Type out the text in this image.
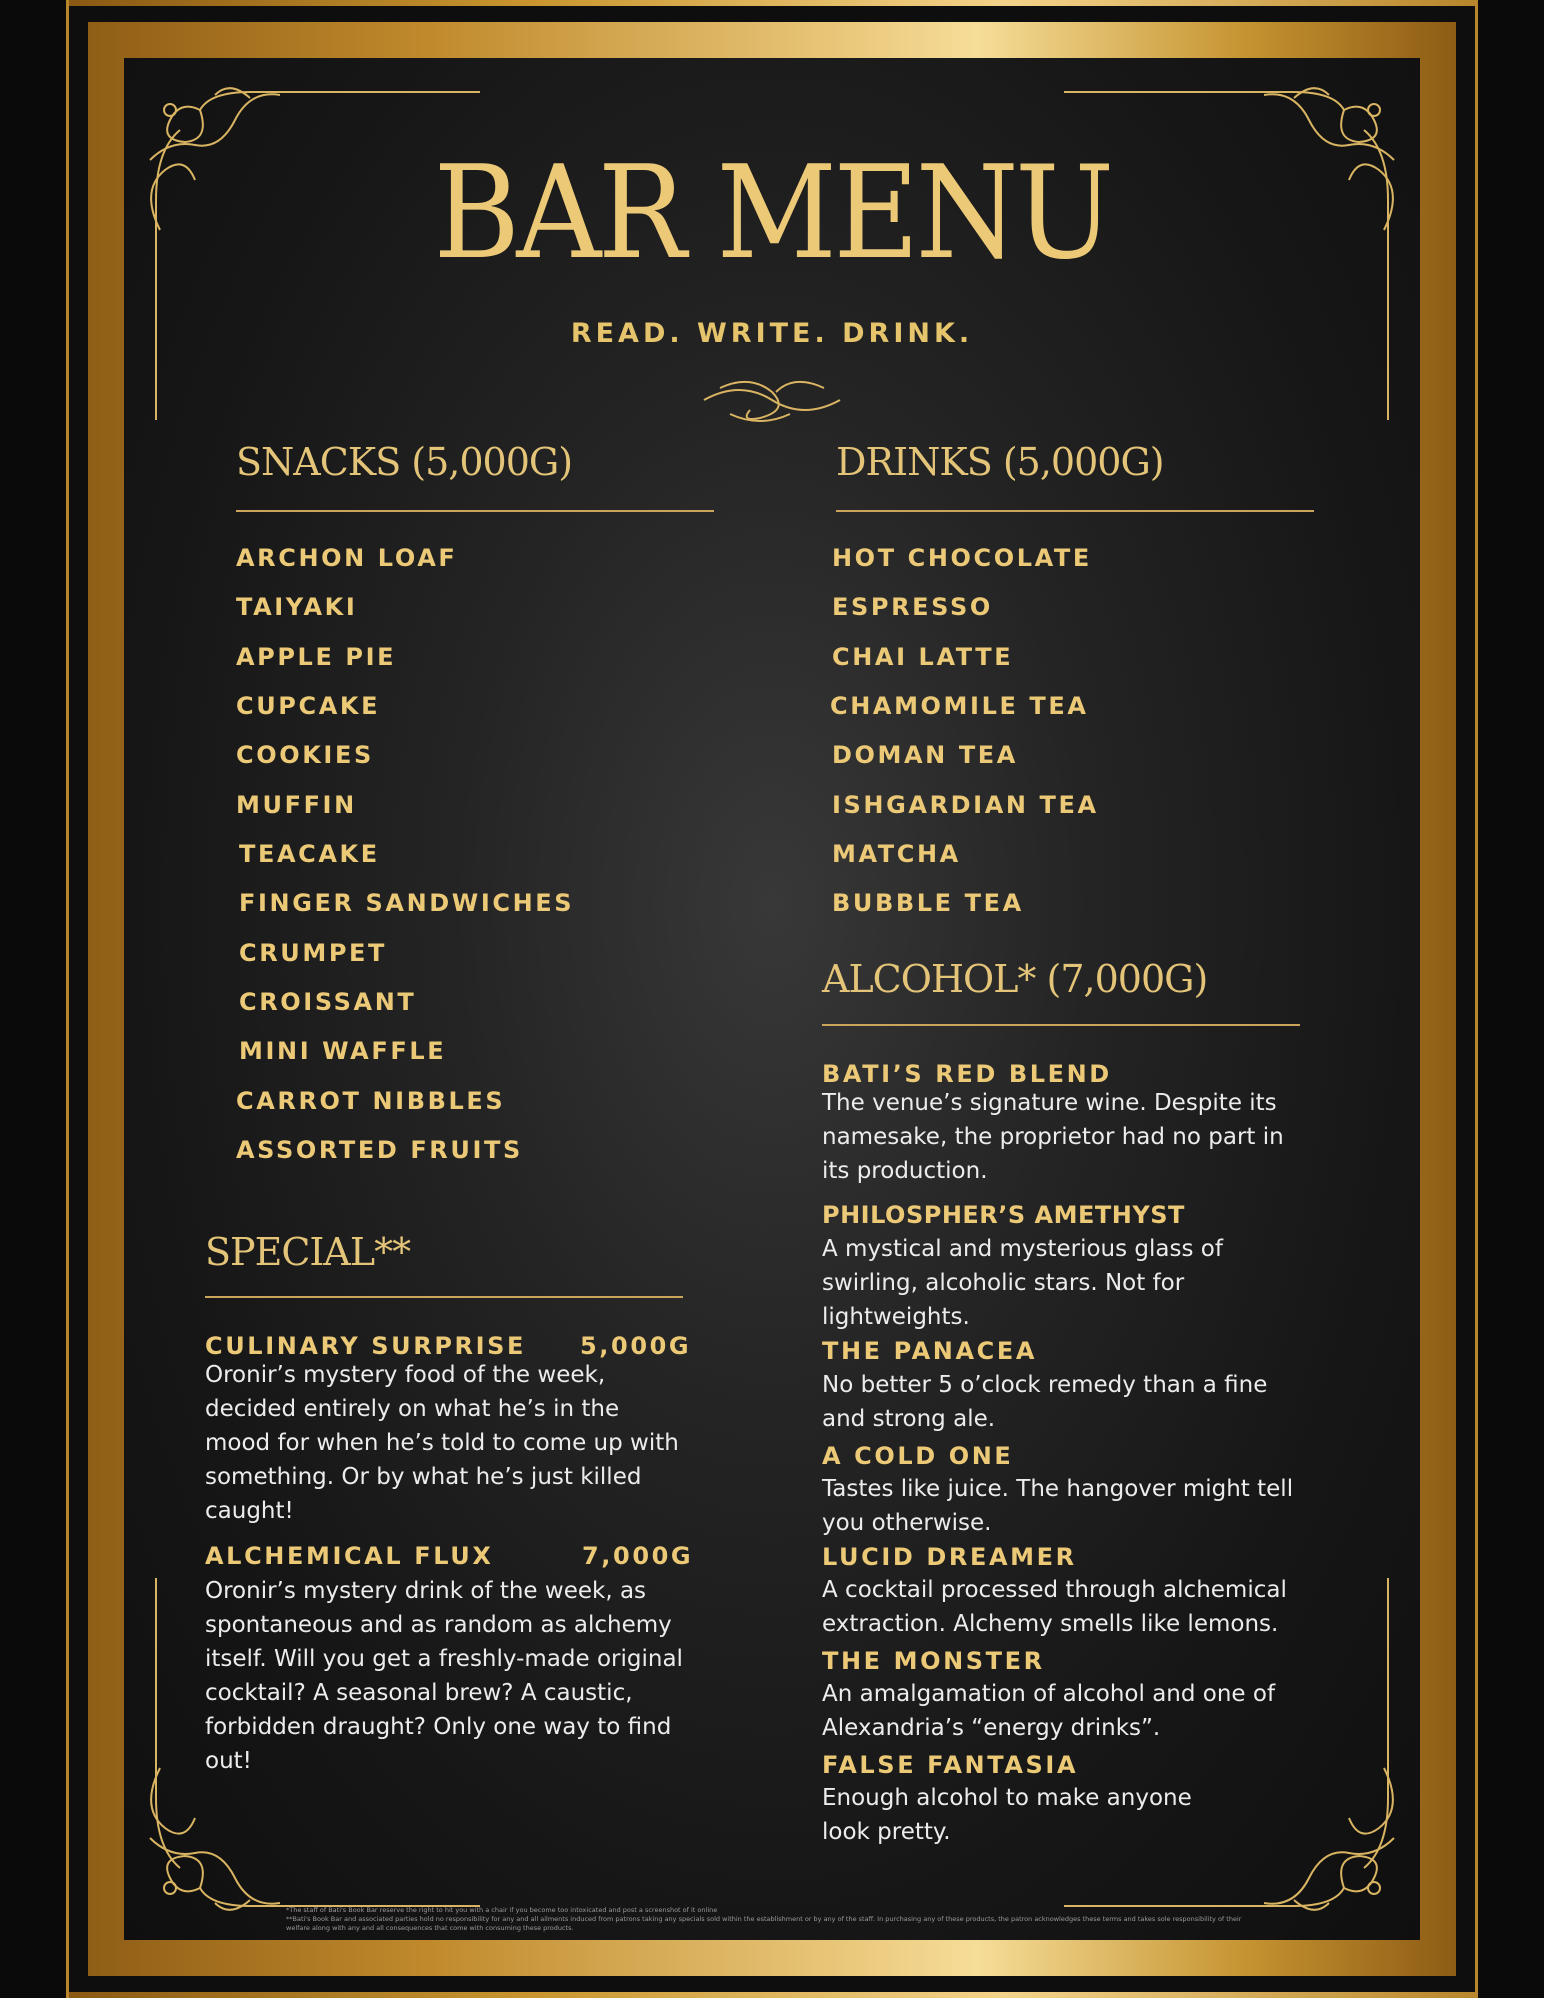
BAR MENU
READ. WRITE. DRINK.
SNACKS (5,000G)
ARCHON LOAF
TAIYAKI
APPLE PIE
CUPCAKE
COOKIES
MUFFIN
TEACAKE
FINGER SANDWICHES
CRUMPET
CROISSANT
MINI WAFFLE
CARROT NIBBLES
ASSORTED FRUITS
DRINKS (5,000G)
HOT CHOCOLATE
ESPRESSO
CHAI LATTE
CHAMOMILE TEA
DOMAN TEA
ISHGARDIAN TEA
MATCHA
BUBBLE TEA
ALCOHOL* (7,000G)
BATI’S RED BLEND
The venue’s signature wine. Despite its namesake, the proprietor had no part in its production.
PHILOSPHER’S AMETHYST
A mystical and mysterious glass of swirling, alcoholic stars. Not for lightweights.
THE PANACEA
No better 5 o’clock remedy than a fine and strong ale.
A COLD ONE
Tastes like juice. The hangover might tell you otherwise.
LUCID DREAMER
A cocktail processed through alchemical extraction. Alchemy smells like lemons.
THE MONSTER
An amalgamation of alcohol and one of Alexandria’s “energy drinks”.
FALSE FANTASIA
Enough alcohol to make anyone look pretty.
SPECIAL**
CULINARY SURPRISE 5,000G
Oronir’s mystery food of the week, decided entirely on what he’s in the mood for when he’s told to come up with something. Or by what he’s just killed caught!
ALCHEMICAL FLUX	7,000G
Oronir’s mystery drink of the week, as spontaneous and as random as alchemy itself. Will you get a freshly-made original cocktail? A seasonal brew? A caustic, forbidden draught? Only one way to find out!
*The staff of Bati's Book Bar reserve the right to hit you with a chair if you become too intoxicated and post a screenshot of it online
**Bati's Book Bar and associated parties hold no responsibility for any and all ailments induced from patrons taking any specials sold within the establishment or by any of the staff. In purchasing any of these products, the patron acknowledges these terms and takes sole responsibility of their welfare along with any and all consequences that come with consuming these products.
